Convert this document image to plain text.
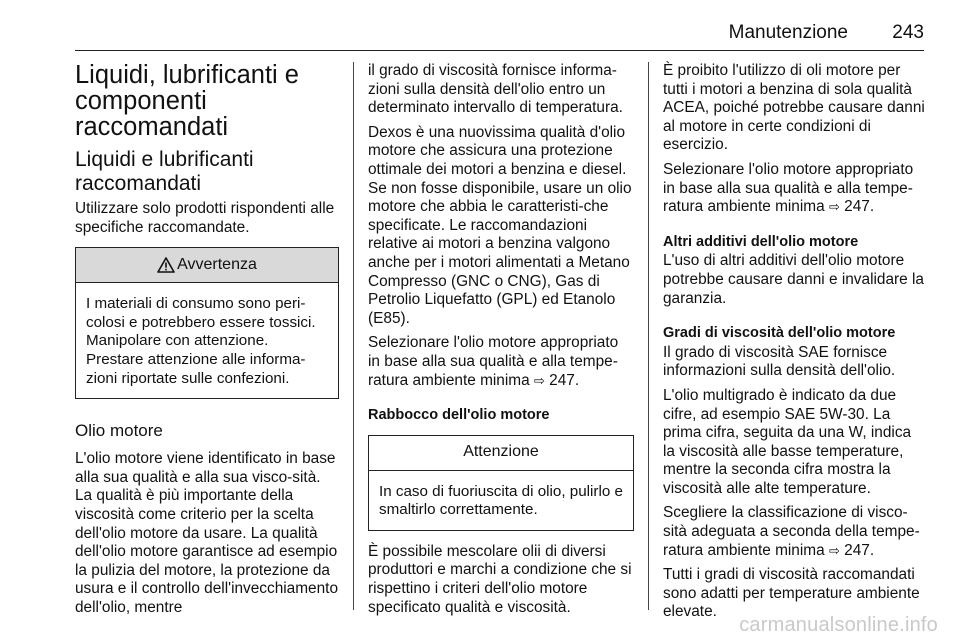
Manutenzione 243
Liquidi, lubrificanti e componenti raccomandati
Liquidi e lubrificanti raccomandati

Utilizzare solo prodotti rispondenti alle specifiche raccomandate.

Avvertenza
I materiali di consumo sono peri-colosi e potrebbero essere tossici. Manipolare con attenzione. Prestare attenzione alle informa-zioni riportate sulle confezioni.
Olio motore

L'olio motore viene identificato in base alla sua qualità e alla sua visco-sità. La qualità è più importante della viscosità come criterio per la scelta dell'olio motore da usare. La qualità dell'olio motore garantisce ad esempio la pulizia del motore, la protezione da usura e il controllo dell'invecchiamento dell'olio, mentre

il grado di viscosità fornisce informa-zioni sulla densità dell'olio entro un determinato intervallo di temperatura.

Dexos è una nuovissima qualità d'olio motore che assicura una protezione ottimale dei motori a benzina e diesel. Se non fosse disponibile, usare un olio motore che abbia le caratteristi-che specificate. Le raccomandazioni relative ai motori a benzina valgono anche per i motori alimentati a Metano Compresso (GNC o CNG), Gas di Petrolio Liquefatto (GPL) ed Etanolo (E85).

Selezionare l'olio motore appropriato in base alla sua qualità e alla tempe-ratura ambiente minima ⇨ 247.

Rabbocco dell'olio motore
Attenzione
In caso di fuoriuscita di olio, pulirlo e smaltirlo correttamente.

È possibile mescolare olii di diversi produttori e marchi a condizione che si rispettino i criteri dell'olio motore specificato qualità e viscosità.

È proibito l'utilizzo di oli motore per tutti i motori a benzina di sola qualità ACEA, poiché potrebbe causare danni al motore in certe condizioni di esercizio.

Selezionare l'olio motore appropriato in base alla sua qualità e alla tempe-ratura ambiente minima ⇨ 247.

Altri additivi dell'olio motore

L'uso di altri additivi dell'olio motore potrebbe causare danni e invalidare la garanzia.

Gradi di viscosità dell'olio motore

Il grado di viscosità SAE fornisce informazioni sulla densità dell'olio.

L'olio multigrado è indicato da due cifre, ad esempio SAE 5W-30. La prima cifra, seguita da una W, indica la viscosità alle basse temperature, mentre la seconda cifra mostra la viscosità alle alte temperature.

Scegliere la classificazione di visco-sità adeguata a seconda della tempe-ratura ambiente minima ⇨ 247.

Tutti i gradi di viscosità raccomandati sono adatti per temperature ambiente elevate.

carmanualsonline.info
